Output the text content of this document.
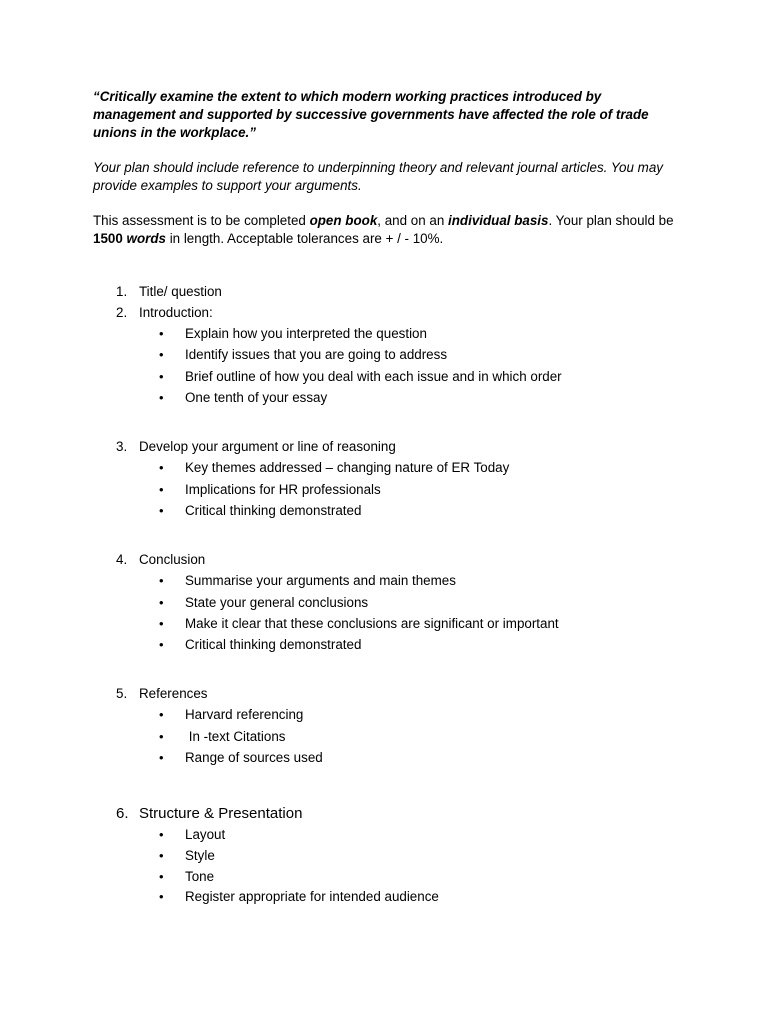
“Critically examine the extent to which modern working practices introduced by management and supported by successive governments have affected the role of trade unions in the workplace.”

Your plan should include reference to underpinning theory and relevant journal articles. You may provide examples to support your arguments.

This assessment is to be completed open book, and on an individual basis. Your plan should be 1500 words in length. Acceptable tolerances are + / - 10%.

1. Title/ question
2. Introduction:
• Explain how you interpreted the question
• Identify issues that you are going to address
• Brief outline of how you deal with each issue and in which order
• One tenth of your essay
3. Develop your argument or line of reasoning
• Key themes addressed – changing nature of ER Today
• Implications for HR professionals
• Critical thinking demonstrated
4. Conclusion
• Summarise your arguments and main themes
• State your general conclusions
• Make it clear that these conclusions are significant or important
• Critical thinking demonstrated
5. References
• Harvard referencing
• In -text Citations
• Range of sources used
6. Structure & Presentation
• Layout
• Style
• Tone
• Register appropriate for intended audience
